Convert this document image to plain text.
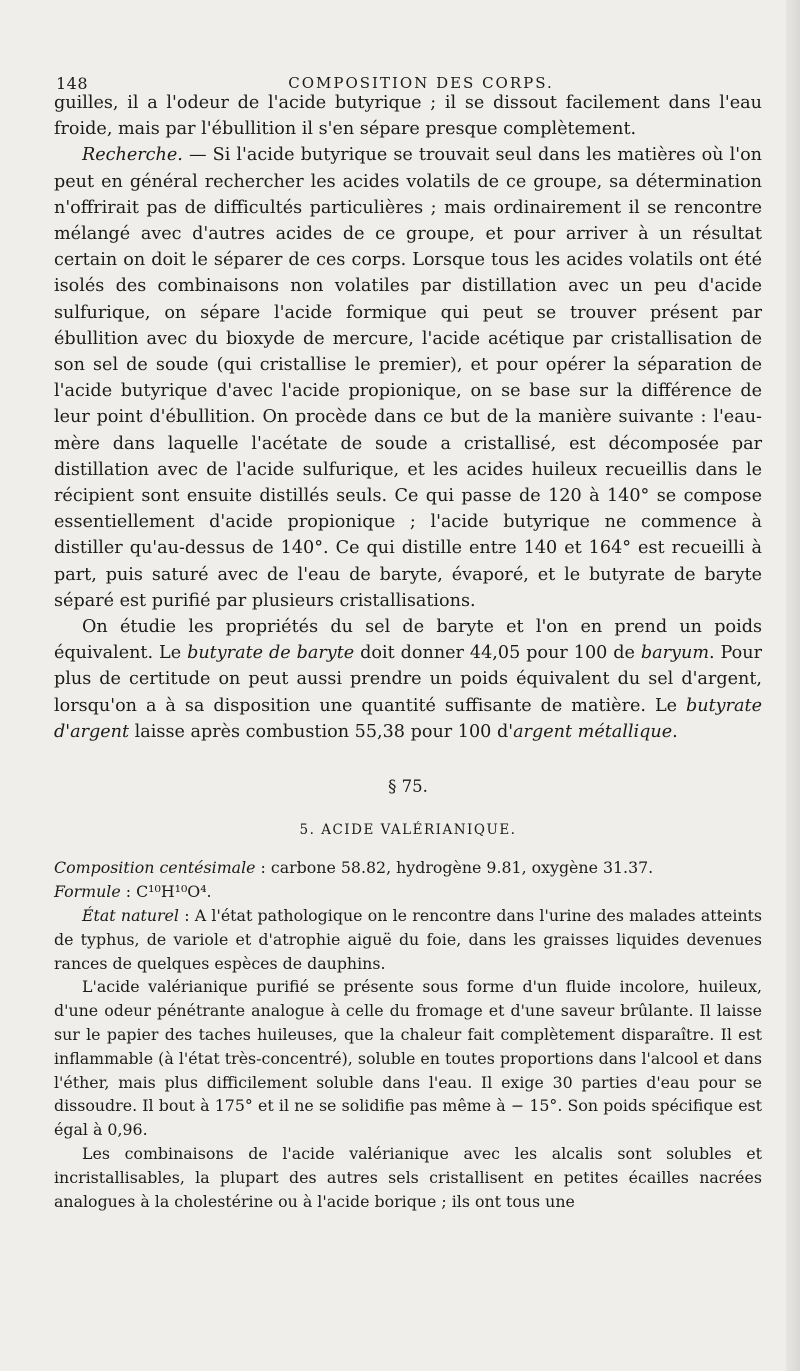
148	COMPOSITION DES CORPS.

guilles, il a l'odeur de l'acide butyrique ; il se dissout facilement dans l'eau froide, mais par l'ébullition il s'en sépare presque complètement.

Recherche. — Si l'acide butyrique se trouvait seul dans les matières où l'on peut en général rechercher les acides volatils de ce groupe, sa détermination n'offrirait pas de difficultés particulières ; mais ordinairement il se rencontre mélangé avec d'autres acides de ce groupe, et pour arriver à un résultat certain on doit le séparer de ces corps. Lorsque tous les acides volatils ont été isolés des combinaisons non volatiles par distillation avec un peu d'acide sulfurique, on sépare l'acide formique qui peut se trouver présent par ébullition avec du bioxyde de mercure, l'acide acétique par cristallisation de son sel de soude (qui cristallise le premier), et pour opérer la séparation de l'acide butyrique d'avec l'acide propionique, on se base sur la différence de leur point d'ébullition. On procède dans ce but de la manière suivante : l'eau-mère dans laquelle l'acétate de soude a cristallisé, est décomposée par distillation avec de l'acide sulfurique, et les acides huileux recueillis dans le récipient sont ensuite distillés seuls. Ce qui passe de 120 à 140° se compose essentiellement d'acide propionique ; l'acide butyrique ne commence à distiller qu'au-dessus de 140°. Ce qui distille entre 140 et 164° est recueilli à part, puis saturé avec de l'eau de baryte, évaporé, et le butyrate de baryte séparé est purifié par plusieurs cristallisations.

On étudie les propriétés du sel de baryte et l'on en prend un poids équivalent. Le butyrate de baryte doit donner 44,05 pour 100 de baryum. Pour plus de certitude on peut aussi prendre un poids équivalent du sel d'argent, lorsqu'on a à sa disposition une quantité suffisante de matière. Le butyrate d'argent laisse après combustion 55,38 pour 100 d'argent métallique.

§ 75.
5. ACIDE VALÉRIANIQUE.

Composition centésimale : carbone 58.82, hydrogène 9.81, oxygène 31.37.

Formule : C¹⁰H¹⁰O⁴.

État naturel : A l'état pathologique on le rencontre dans l'urine des malades atteints de typhus, de variole et d'atrophie aiguë du foie, dans les graisses liquides devenues rances de quelques espèces de dauphins.

L'acide valérianique purifié se présente sous forme d'un fluide incolore, huileux, d'une odeur pénétrante analogue à celle du fromage et d'une saveur brûlante. Il laisse sur le papier des taches huileuses, que la chaleur fait complètement disparaître. Il est inflammable (à l'état très-concentré), soluble en toutes proportions dans l'alcool et dans l'éther, mais plus difficilement soluble dans l'eau. Il exige 30 parties d'eau pour se dissoudre. Il bout à 175° et il ne se solidifie pas même à − 15°. Son poids spécifique est égal à 0,96.

Les combinaisons de l'acide valérianique avec les alcalis sont solubles et incristallisables, la plupart des autres sels cristallisent en petites écailles nacrées analogues à la cholestérine ou à l'acide borique ; ils ont tous une
